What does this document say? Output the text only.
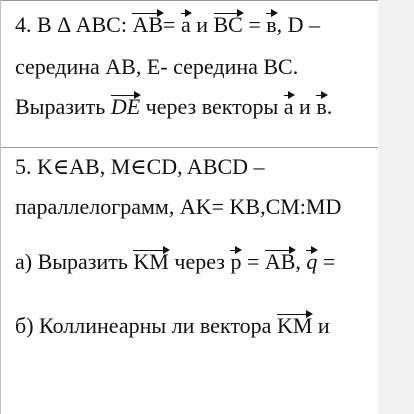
4. В Δ ABC: AB= a и BC = в, D –
середина AB, E- середина BC.
Выразить DE через векторы a и в.
5. K∈AB, M∈CD, ABCD –
параллелограмм, AK= KB,CM:MD
а) Выразить KM через p = AB, q =
б) Коллинеарны ли вектора KM и
